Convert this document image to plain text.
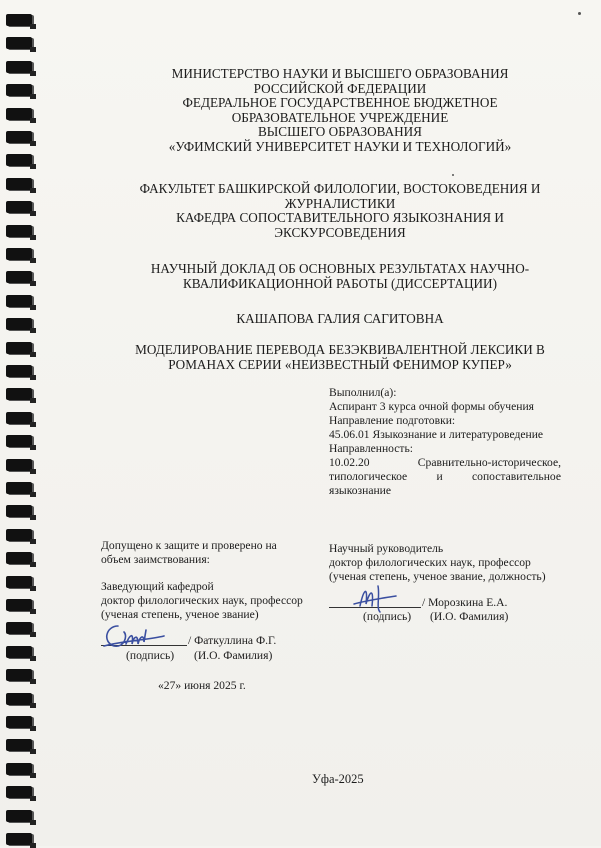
МИНИСТЕРСТВО НАУКИ И ВЫСШЕГО ОБРАЗОВАНИЯ
РОССИЙСКОЙ ФЕДЕРАЦИИ
ФЕДЕРАЛЬНОЕ ГОСУДАРСТВЕННОЕ БЮДЖЕТНОЕ
ОБРАЗОВАТЕЛЬНОЕ УЧРЕЖДЕНИЕ
ВЫСШЕГО ОБРАЗОВАНИЯ
«УФИМСКИЙ УНИВЕРСИТЕТ НАУКИ И ТЕХНОЛОГИЙ»
ФАКУЛЬТЕТ БАШКИРСКОЙ ФИЛОЛОГИИ, ВОСТОКОВЕДЕНИЯ И
ЖУРНАЛИСТИКИ
КАФЕДРА СОПОСТАВИТЕЛЬНОГО ЯЗЫКОЗНАНИЯ И
ЭКСКУРСОВЕДЕНИЯ
НАУЧНЫЙ ДОКЛАД ОБ ОСНОВНЫХ РЕЗУЛЬТАТАХ НАУЧНО-
КВАЛИФИКАЦИОННОЙ РАБОТЫ (ДИССЕРТАЦИИ)
КАШАПОВА ГАЛИЯ САГИТОВНА
МОДЕЛИРОВАНИЕ ПЕРЕВОДА БЕЗЭКВИВАЛЕНТНОЙ ЛЕКСИКИ В
РОМАНАХ СЕРИИ «НЕИЗВЕСТНЫЙ ФЕНИМОР КУПЕР»
Выполнил(а):
Аспирант 3 курса очной формы обучения
Направление подготовки:
45.06.01 Языкознание и литературоведение
Направленность:
10.02.20 Сравнительно-историческое, типологическое и сопоставительное языкознание
Допущено к защите и проверено на
объем заимствования:
Заведующий кафедрой
доктор филологических наук, профессор
(ученая степень, ученое звание)
/ Фаткуллина Ф.Г.
(подпись) (И.О. Фамилия)
«27» июня 2025 г.
Научный руководитель
доктор филологических наук, профессор
(ученая степень, ученое звание, должность)
/ Морозкина Е.А.
(подпись) (И.О. Фамилия)
Уфа-2025
